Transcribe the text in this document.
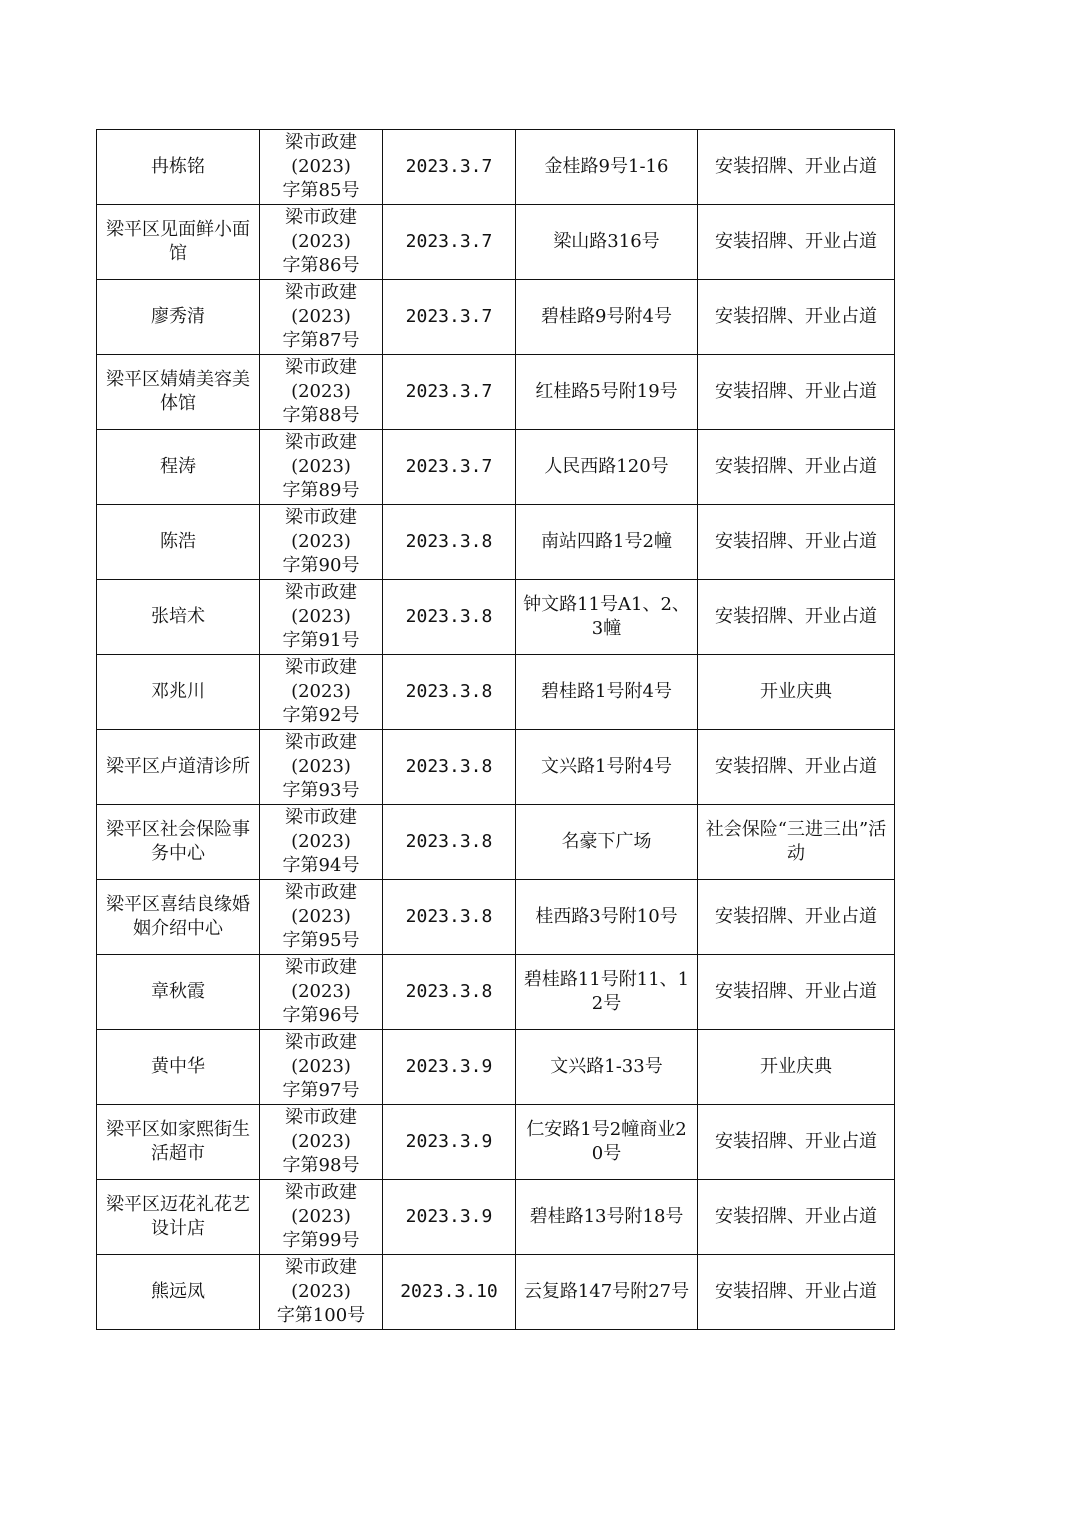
冉栋铭	梁市政建
(2023)
字第85号	2023.3.7	金桂路9号1-16	安装招牌、开业占道
梁平区见面鲜小面馆	梁市政建
(2023)
字第86号	2023.3.7	梁山路316号	安装招牌、开业占道
廖秀清	梁市政建
(2023)
字第87号	2023.3.7	碧桂路9号附4号	安装招牌、开业占道
梁平区婧婧美容美体馆	梁市政建
(2023)
字第88号	2023.3.7	红桂路5号附19号	安装招牌、开业占道
程涛	梁市政建
(2023)
字第89号	2023.3.7	人民西路120号	安装招牌、开业占道
陈浩	梁市政建
(2023)
字第90号	2023.3.8	南站四路1号2幢	安装招牌、开业占道
张培术	梁市政建
(2023)
字第91号	2023.3.8	钟文路11号A1、2、3幢	安装招牌、开业占道
邓兆川	梁市政建
(2023)
字第92号	2023.3.8	碧桂路1号附4号	开业庆典
梁平区卢道清诊所	梁市政建
(2023)
字第93号	2023.3.8	文兴路1号附4号	安装招牌、开业占道
梁平区社会保险事务中心	梁市政建
(2023)
字第94号	2023.3.8	名豪下广场	社会保险“三进三出”活动
梁平区喜结良缘婚姻介绍中心	梁市政建
(2023)
字第95号	2023.3.8	桂西路3号附10号	安装招牌、开业占道
章秋霞	梁市政建
(2023)
字第96号	2023.3.8	碧桂路11号附11、12号	安装招牌、开业占道
黄中华	梁市政建
(2023)
字第97号	2023.3.9	文兴路1-33号	开业庆典
梁平区如家熙街生活超市	梁市政建
(2023)
字第98号	2023.3.9	仁安路1号2幢商业20号	安装招牌、开业占道
梁平区迈花礼花艺设计店	梁市政建
(2023)
字第99号	2023.3.9	碧桂路13号附18号	安装招牌、开业占道
熊远凤	梁市政建
(2023)
字第100号	2023.3.10	云复路147号附27号	安装招牌、开业占道
